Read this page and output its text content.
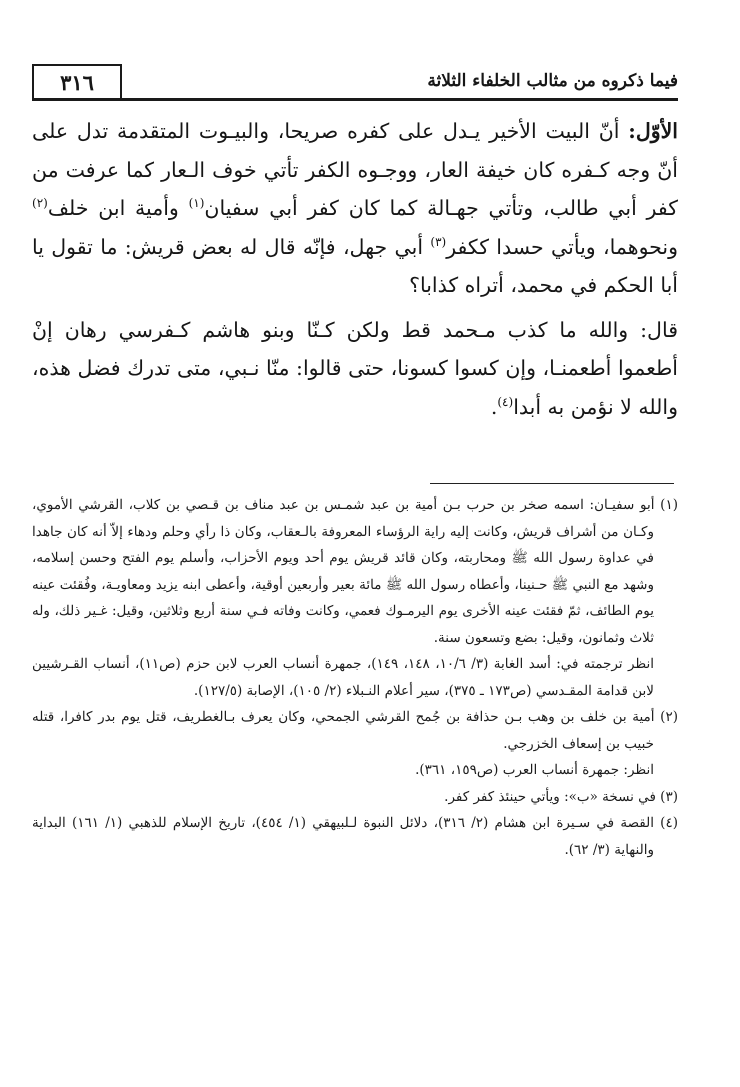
٣١٦	فيما ذكروه من مثالب الخلفاء الثلاثة

الأوّل: أنّ البيت الأخير يـدل على كفره صريحا، والبيـوت المتقدمة تدل على أنّ وجه كـفره كان خيفة العار، ووجـوه الكفر تأتي خوف الـعار كما عرفت من كفر أبي طالب، وتأتي جهـالة كما كان كفر أبي سفيان$^{(١)}$ وأمية ابن خلف$^{(٢)}$ ونحوهما، ويأتي حسدا ككفر$^{(٣)}$ أبي جهل، فإنّه قال له بعض قريش: ما تقول يا أبا الحكم في محمد، أتراه كذابا؟

قال: والله ما كذب مـحمد قط ولكن كـنّا وبنو هاشم كـفرسي رهان إنْ أطعموا أطعمنـا، وإن كسوا كسونا، حتى قالوا: منّا نـبي، متى تدرك فضل هذه، والله لا نؤمن به أبدا$^{(٤)}$.

(١) أبو سفيـان: اسمه صخر بن حرب بـن أمية بن عبد شمـس بن عبد مناف بن قـصي بن كلاب، القرشي الأموي، وكـان من أشراف قريش، وكانت إليه راية الرؤساء المعروفة بالـعقاب، وكان ذا رأي وحلم ودهاء إلاّ أنه كان جاهدا في عداوة رسول الله ﷺ ومحاربته، وكان قائد قريش يوم أحد ويوم الأحزاب، وأسلم يوم الفتح وحسن إسلامه، وشهد مع النبي ﷺ حـنينا، وأعطاه رسول الله ﷺ مائة بعير وأربعين أوقية، وأعطى ابنه يزيد ومعاويـة، وفُقئت عينه يوم الطائف، ثمّ فقئت عينه الأخرى يوم اليرمـوك فعمي، وكانت وفاته فـي سنة أربع وثلاثين، وقيل: غـير ذلك، وله ثلاث وثمانون، وقيل: بضع وتسعون سنة.

انظر ترجمته في: أسد الغابة (٣/ ١٠/٦، ١٤٨، ١٤٩)، جمهرة أنساب العرب لابن حزم (ص١١)، أنساب القـرشيين لابن قدامة المقـدسي (ص١٧٣ ـ ٣٧٥)، سير أعلام النـبلاء (٢/ ١٠٥)، الإصابة (١٢٧/٥).

(٢) أمية بن خلف بن وهب بـن حذافة بن جُمح القرشي الجمحي، وكان يعرف بـالغطريف، قتل يوم بدر كافرا، قتله خبيب بن إسعاف الخزرجي.

انظر: جمهرة أنساب العرب (ص١٥٩، ٣٦١).

(٣) في نسخة «ب»: ويأتي حينئذ كفر كفر.

(٤) القصة في سـيرة ابن هشام (٢/ ٣١٦)، دلائل النبوة لـلبيهقي (١/ ٤٥٤)، تاريخ الإسلام للذهبي (١/ ١٦١) البداية والنهاية (٣/ ٦٢).
